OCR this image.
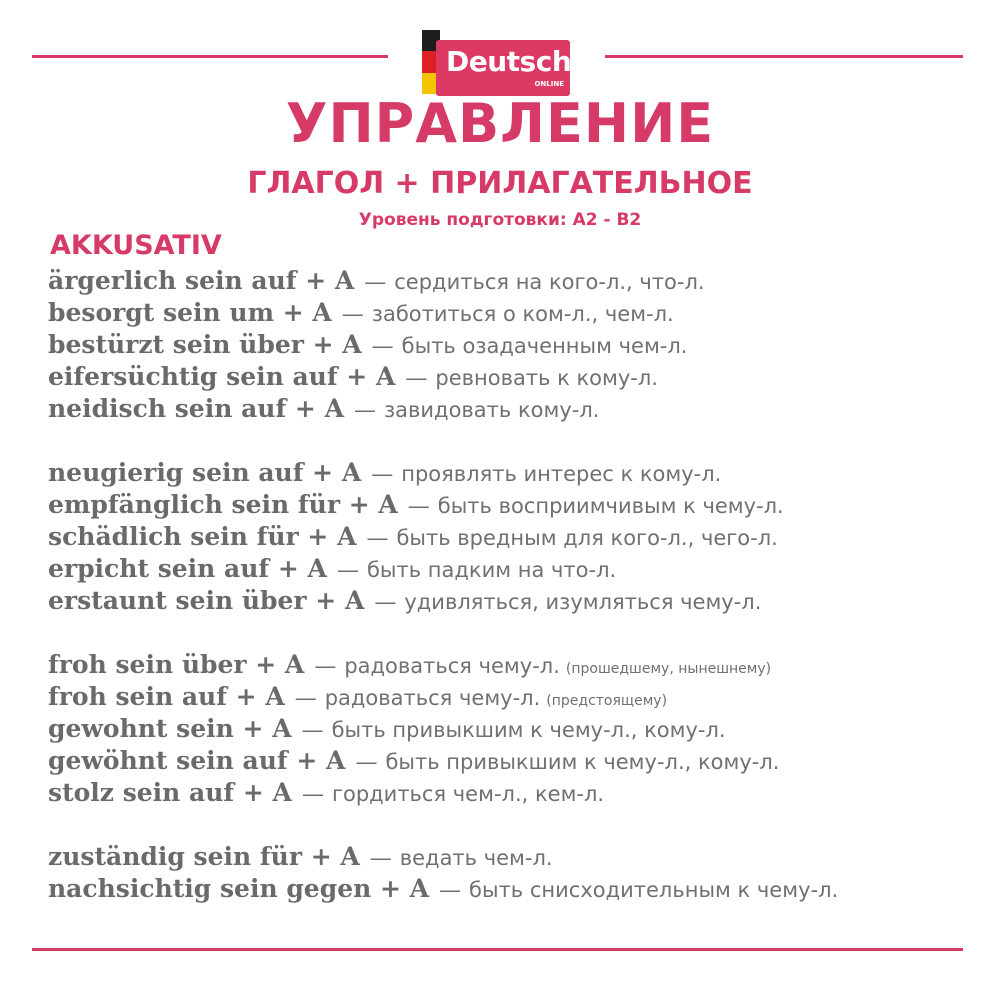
Deutsch
ONLINE
УПРАВЛЕНИЕ
ГЛАГОЛ + ПРИЛАГАТЕЛЬНОЕ
Уровень подготовки: А2 - В2
AKKUSATIV
ärgerlich sein auf + A — сердиться на кого-л., что-л.
besorgt sein um + A — заботиться о ком-л., чем-л.
bestürzt sein über + A — быть озадаченным чем-л.
eifersüchtig sein auf + A — ревновать к кому-л.
neidisch sein auf + A — завидовать кому-л.
neugierig sein auf + A — проявлять интерес к кому-л.
empfänglich sein für + A — быть восприимчивым к чему-л.
schädlich sein für + A — быть вредным для кого-л., чего-л.
erpicht sein auf + A — быть падким на что-л.
erstaunt sein über + A — удивляться, изумляться чему-л.
froh sein über + A — радоваться чему-л. (прошедшему, нынешнему)
froh sein auf + A — радоваться чему-л. (предстоящему)
gewohnt sein + A — быть привыкшим к чему-л., кому-л.
gewöhnt sein auf + A — быть привыкшим к чему-л., кому-л.
stolz sein auf + A — гордиться чем-л., кем-л.
zuständig sein für + A — ведать чем-л.
nachsichtig sein gegen + A — быть снисходительным к чему-л.
